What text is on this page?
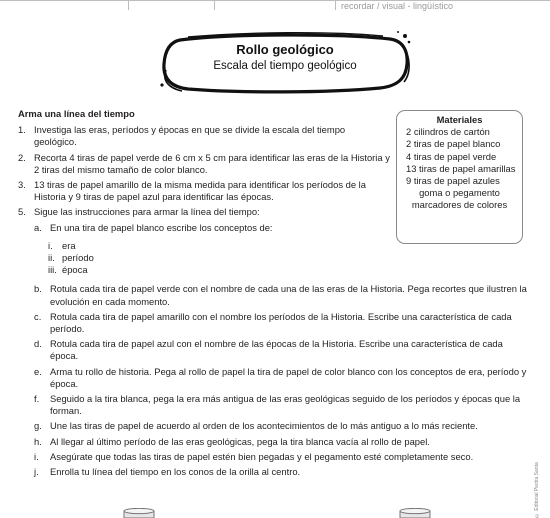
recordar / visual - lingüístico
Rollo geológico
Escala del tiempo geológico
Materiales
2 cilindros de cartón
2 tiras de papel blanco
4 tiras de papel verde
13 tiras de papel amarillas
9 tiras de papel azules
goma o pegamento
marcadores de colores
Arma una línea del tiempo
1. Investiga las eras, períodos y épocas en que se divide la escala del tiempo geológico.
2. Recorta 4 tiras de papel verde de 6 cm x 5 cm para identificar las eras de la Historia y 2 tiras del mismo tamaño de color blanco.
3. 13 tiras de papel amarillo de la misma medida para identificar los períodos de la Historia y 9 tiras de papel azul para identificar las épocas.
5. Sigue las instrucciones para armar la línea del tiempo:
a. En una tira de papel blanco escribe los conceptos de:
i. era
ii. período
iii. época
b. Rotula cada tira de papel verde con el nombre de cada una de las eras de la Historia. Pega recortes que ilustren la evolución en cada momento.
c. Rotula cada tira de papel amarillo con el nombre los períodos de la Historia. Escribe una característica de cada período.
d. Rotula cada tira de papel azul con el nombre de las épocas de la Historia. Escribe una característica de cada época.
e. Arma tu rollo de historia. Pega al rollo de papel la tira de papel de color blanco con los conceptos de era, período y época.
f. Seguido a la tira blanca, pega la era más antigua de las eras geológicas seguido de los períodos y épocas que la forman.
g. Une las tiras de papel de acuerdo al orden de los acontecimientos de lo más antiguo a lo más reciente.
h. Al llegar al último período de las eras geológicas, pega la tira blanca vacía al rollo de papel.
i. Asegúrate que todas las tiras de papel estén bien pegadas y el pegamento esté completamente seco.
j. Enrolla tu línea del tiempo en los conos de la orilla al centro.	© Editorial Piedra Santa
